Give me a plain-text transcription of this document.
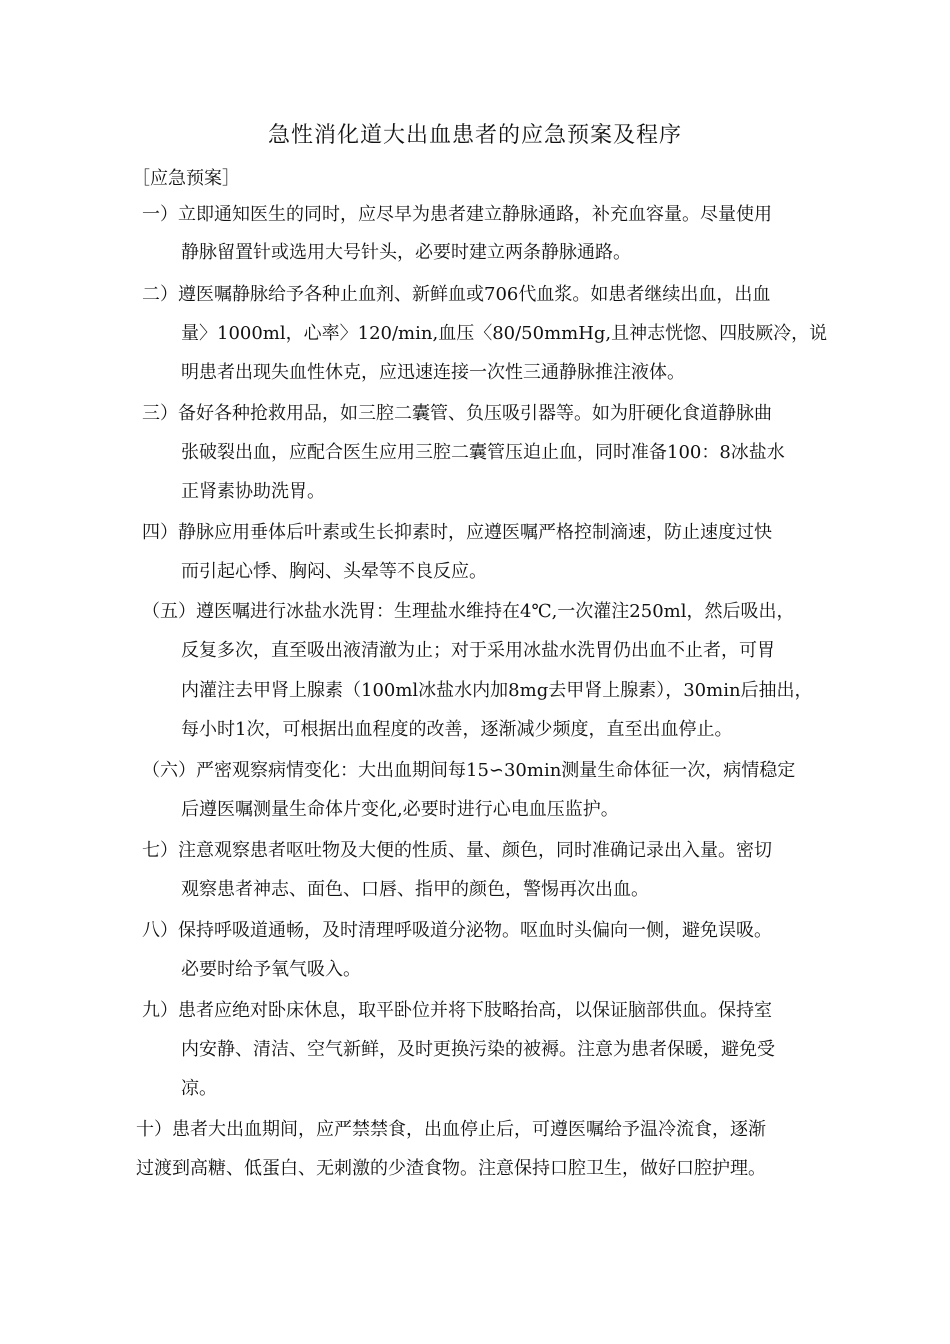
急性消化道大出血患者的应急预案及程序
［应急预案］
一）立即通知医生的同时，应尽早为患者建立静脉通路，补充血容量。尽量使用
静脉留置针或选用大号针头，必要时建立两条静脉通路。
二）遵医嘱静脉给予各种止血剂、新鲜血或706代血浆。如患者继续出血，出血
量〉1000ml，心率〉120/min,血压〈80/50mmHg,且神志恍惚、四肢厥冷，说
明患者出现失血性休克，应迅速连接一次性三通静脉推注液体。
三）备好各种抢救用品，如三腔二囊管、负压吸引器等。如为肝硬化食道静脉曲
张破裂出血，应配合医生应用三腔二囊管压迫止血，同时准备100：8冰盐水
正肾素协助洗胃。
四）静脉应用垂体后叶素或生长抑素时，应遵医嘱严格控制滴速，防止速度过快
而引起心悸、胸闷、头晕等不良反应。
（五）遵医嘱进行冰盐水洗胃：生理盐水维持在4℃,一次灌注250ml，然后吸出，
反复多次，直至吸出液清澈为止；对于采用冰盐水洗胃仍出血不止者，可胃
内灌注去甲肾上腺素（100ml冰盐水内加8mg去甲肾上腺素），30min后抽出，
每小时1次，可根据出血程度的改善，逐渐减少频度，直至出血停止。
（六）严密观察病情变化：大出血期间每15∽30min测量生命体征一次，病情稳定
后遵医嘱测量生命体片变化,必要时进行心电血压监护。
七）注意观察患者呕吐物及大便的性质、量、颜色，同时准确记录出入量。密切
观察患者神志、面色、口唇、指甲的颜色，警惕再次出血。
八）保持呼吸道通畅，及时清理呼吸道分泌物。呕血时头偏向一侧，避免误吸。
必要时给予氧气吸入。
九）患者应绝对卧床休息，取平卧位并将下肢略抬高，以保证脑部供血。保持室
内安静、清洁、空气新鲜，及时更换污染的被褥。注意为患者保暖，避免受
凉。
十）患者大出血期间，应严禁禁食，出血停止后，可遵医嘱给予温冷流食，逐渐
过渡到高糖、低蛋白、无刺激的少渣食物。注意保持口腔卫生，做好口腔护理。
